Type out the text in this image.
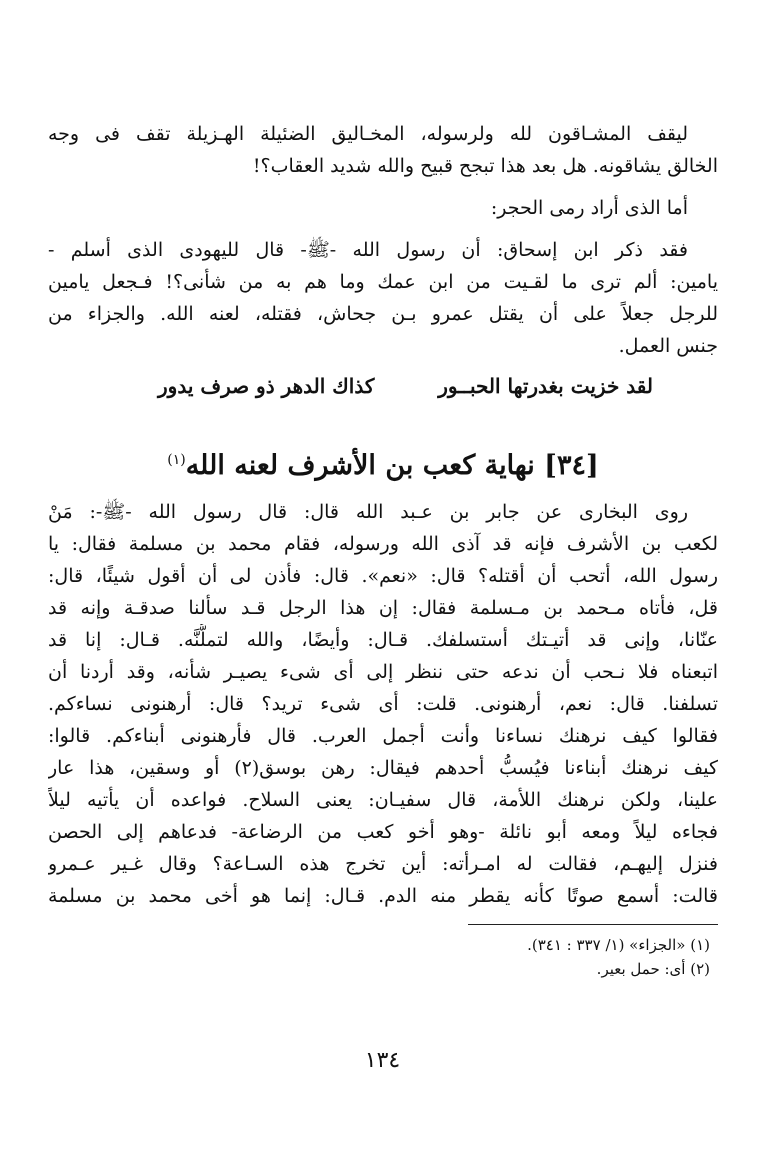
ليقف المشـاقون لله ولرسوله، المخـاليق الضئيلة الهـزيلة تقف فى وجه
الخالق يشاقونه. هل بعد هذا تبجح قبيح والله شديد العقاب؟!
أما الذى أراد رمى الحجر:
فقد ذكر ابن إسحاق: أن رسول الله -ﷺ- قال لليهودى الذى أسلم -
يامين: ألم ترى ما لقـيت من ابن عمك وما هم به من شأنى؟! فـجعل يامين
للرجل جعلاً على أن يقتل عمرو بـن جحاش، فقتله، لعنه الله. والجزاء من
جنس العمل.
لقد خزيت بغدرتها الحبــور
كذاك الدهر ذو صرف يدور
[٣٤] نهاية كعب بن الأشرف لعنه الله$^{(١)}$
روى البخارى عن جابر بن عـبد الله قال: قال رسول الله -ﷺ-: مَنْ
لكعب بن الأشرف فإنه قد آذى الله ورسوله، فقام محمد بن مسلمة فقال: يا
رسول الله، أتحب أن أقتله؟ قال: «نعم». قال: فأذن لى أن أقول شيئًا، قال:
قل، فأتاه مـحمد بن مـسلمة فقال: إن هذا الرجل قـد سألنا صدقـة وإنه قد
عنّانا، وإنى قد أتيـتك أستسلفك. قـال: وأيضًا، والله لتملُّنَّه. قـال: إنا قد
اتبعناه فلا نـحب أن ندعه حتى ننظر إلى أى شىء يصيـر شأنه، وقد أردنا أن
تسلفنا. قال: نعم، أرهنونى. قلت: أى شىء تريد؟ قال: أرهنونى نساءكم.
فقالوا كيف نرهنك نساءنا وأنت أجمل العرب. قال فأرهنونى أبناءكم. قالوا:
كيف نرهنك أبناءنا فيُسبُّ أحدهم فيقال: رهن بوسق(٢) أو وسقين، هذا عار
علينا، ولكن نرهنك اللأمة، قال سفيـان: يعنى السلاح. فواعده أن يأتيه ليلاً
فجاءه ليلاً ومعه أبو نائلة -وهو أخو كعب من الرضاعة- فدعاهم إلى الحصن
فنزل إليهـم، فقالت له امـرأته: أين تخرج هذه السـاعة؟ وقال غـير عـمرو
قالت: أسمع صوتًا كأنه يقطر منه الدم. قـال: إنما هو أخى محمد بن مسلمة
(١) «الجزاء» (١/ ٣٣٧ : ٣٤١).
(٢) أى: حمل بعير.
١٣٤
